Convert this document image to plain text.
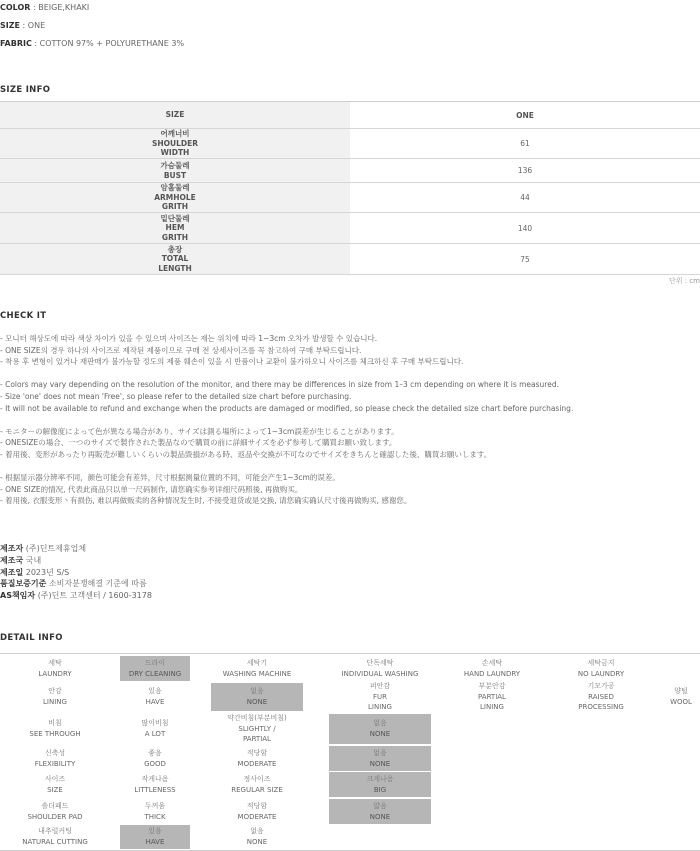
COLOR : BEIGE,KHAKI
SIZE : ONE
FABRIC : COTTON 97% + POLYURETHANE 3%
SIZE INFO
SIZE	ONE
어깨너비
SHOULDER
WIDTH
61
가슴둘레
BUST	136
암홀둘레
ARMHOLE
GRITH
44
밑단둘레
HEM
GRITH
140
총장
TOTAL
LENGTH
75
단위 : cm
CHECK IT
- 모니터 해상도에 따라 색상 차이가 있을 수 있으며 사이즈는 재는 위치에 따라 1~3cm 오차가 발생할 수 있습니다.
- ONE SIZE의 경우 하나의 사이즈로 제작된 제품이므로 구매 전 상세사이즈를 꼭 참고하여 구매 부탁드립니다.
- 착용 후 변형이 있거나 재판매가 불가능할 정도의 제품 훼손이 있을 시 반품이나 교환이 불가하오니 사이즈를 체크하신 후 구매 부탁드립니다.
- Colors may vary depending on the resolution of the monitor, and there may be differences in size from 1–3 cm depending on where it is measured.
- Size 'one' does not mean 'Free', so please refer to the detailed size chart before purchasing.
- It will not be available to refund and exchange when the products are damaged or modified, so please check the detailed size chart before purchasing.
- モニターの解像度によって色が異なる場合があり、サイズは測る場所によって1~3cm誤差が生じることがあります。
- ONESIZEの場合、一つのサイズで製作された製品なので購買の前に詳細サイズを必ず参考して購買お願い致します。
- 着用後、変形があったり再販売が難しいくらいの製品毀損がある時、返品や交換が不可なのでサイズをきちんと確認した後、購買お願いします。
- 根据显示器分辨率不同，颜色可能会有差异，尺寸根据测量位置的不同，可能会产生1~3cm的误差。
- ONE SIZE的情况, 代表此商品只以单一尺码制作, 请您确实参考详细尺码照後, 再做购买。
- 着用後, 衣服变形丶有损伤, 难以再做贩卖的各种情况发生时, 不接受退货或是交换, 请您确实确认尺寸後再做购买, 感谢您。
제조자 (주)딘트제휴업체
제조국 국내
제조일 2023년 S/S
품질보증기준 소비자분쟁해결 기준에 따름
AS책임자 (주)딘트 고객센터 / 1600-3178
DETAIL INFO
세탁
LAUNDRY
드라이
DRY CLEANING
세탁기
WASHING MACHINE
단독세탁
INDIVIDUAL WASHING
손세탁
HAND LAUNDRY
세탁금지
NO LAUNDRY
안감
LINING
있음
HAVE
없음
NONE
퍼안감
FUR
LINING
부분안감
PARTIAL
LINING
기모가공
RAISED
PROCESSING
양털
WOOL
비침
SEE THROUGH
많이비침
A LOT
약간비침(부분비침)
SLIGHTLY /
PARTIAL
없음
NONE
신축성
FLEXIBILITY
좋음
GOOD
적당함
MODERATE
없음
NONE
사이즈
SIZE
작게나옴
LITTLENESS
정사이즈
REGULAR SIZE
크게나옴
BIG
숄더패드
SHOULDER PAD
두꺼움
THICK
적당함
MODERATE
얇음
NONE
내추럴커팅
NATURAL CUTTING
있음
HAVE
없음
NONE
